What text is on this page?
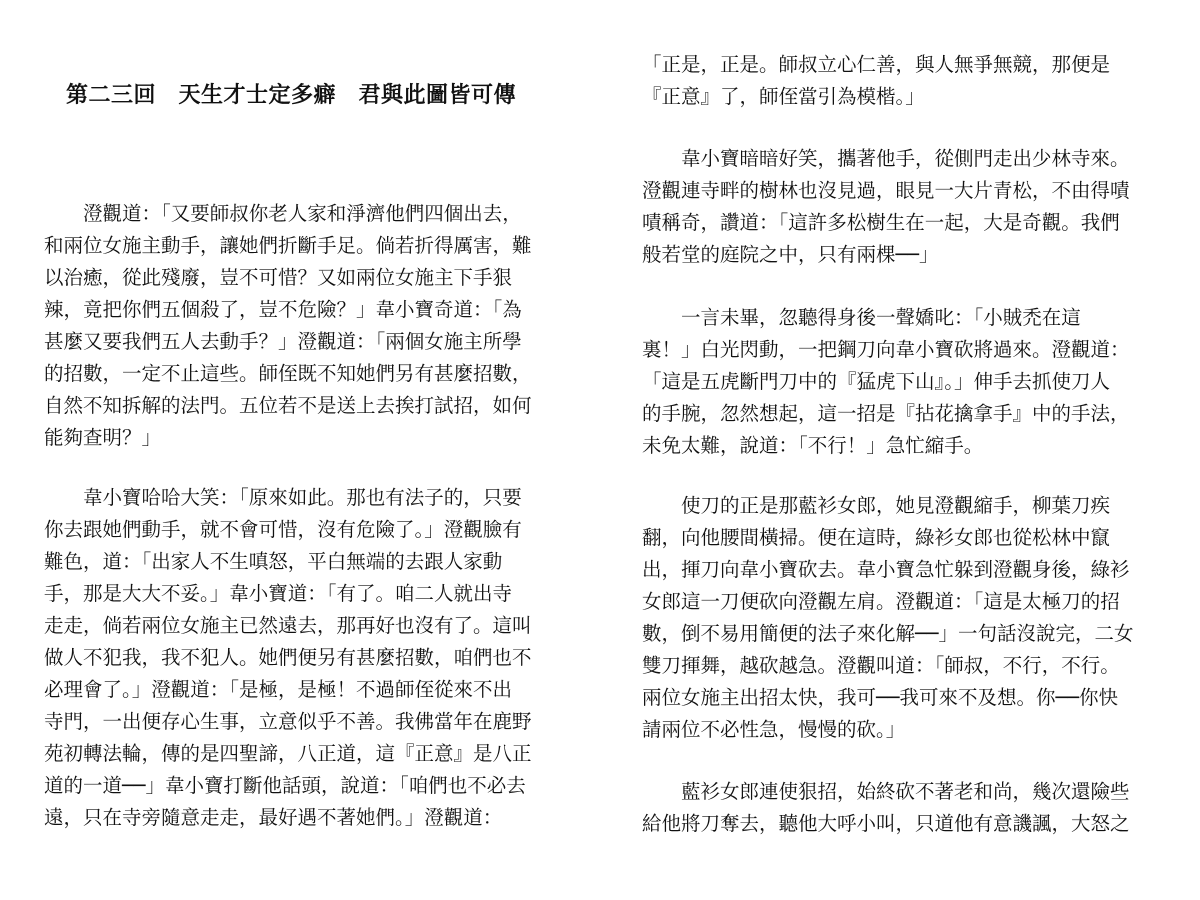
第二三回　天生才士定多癖　君與此圖皆可傳
　　澄觀道：「又要師叔你老人家和淨濟他們四個出去，
和兩位女施主動手，讓她們折斷手足。倘若折得厲害，難
以治癒，從此殘廢，豈不可惜？又如兩位女施主下手狠
辣，竟把你們五個殺了，豈不危險？」韋小寶奇道：「為
甚麼又要我們五人去動手？」澄觀道：「兩個女施主所學
的招數，一定不止這些。師侄既不知她們另有甚麼招數，
自然不知拆解的法門。五位若不是送上去挨打試招，如何
能夠查明？」
　　韋小寶哈哈大笑：「原來如此。那也有法子的，只要
你去跟她們動手，就不會可惜，沒有危險了。」澄觀臉有
難色，道：「出家人不生嗔怒，平白無端的去跟人家動
手，那是大大不妥。」韋小寶道：「有了。咱二人就出寺
走走，倘若兩位女施主已然遠去，那再好也沒有了。這叫
做人不犯我，我不犯人。她們便另有甚麼招數，咱們也不
必理會了。」澄觀道：「是極，是極！不過師侄從來不出
寺門，一出便存心生事，立意似乎不善。我佛當年在鹿野
苑初轉法輪，傳的是四聖諦，八正道，這『正意』是八正
道的一道──」韋小寶打斷他話頭，說道：「咱們也不必去
遠，只在寺旁隨意走走，最好遇不著她們。」澄觀道：
「正是，正是。師叔立心仁善，與人無爭無競，那便是
『正意』了，師侄當引為模楷。」
　　韋小寶暗暗好笑，攜著他手，從側門走出少林寺來。
澄觀連寺畔的樹林也沒見過，眼見一大片青松，不由得嘖
嘖稱奇，讚道：「這許多松樹生在一起，大是奇觀。我們
般若堂的庭院之中，只有兩棵──」
　　一言未畢，忽聽得身後一聲嬌叱：「小賊禿在這
裏！」白光閃動，一把鋼刀向韋小寶砍將過來。澄觀道：
「這是五虎斷門刀中的『猛虎下山』。」伸手去抓使刀人
的手腕，忽然想起，這一招是『拈花擒拿手』中的手法，
未免太難，說道：「不行！」急忙縮手。
　　使刀的正是那藍衫女郎，她見澄觀縮手，柳葉刀疾
翻，向他腰間橫掃。便在這時，綠衫女郎也從松林中竄
出，揮刀向韋小寶砍去。韋小寶急忙躲到澄觀身後，綠衫
女郎這一刀便砍向澄觀左肩。澄觀道：「這是太極刀的招
數，倒不易用簡便的法子來化解──」一句話沒說完，二女
雙刀揮舞，越砍越急。澄觀叫道：「師叔，不行，不行。
兩位女施主出招太快，我可──我可來不及想。你──你快
請兩位不必性急，慢慢的砍。」
　　藍衫女郎連使狠招，始終砍不著老和尚，幾次還險些
給他將刀奪去，聽他大呼小叫，只道他有意譏諷，大怒之
